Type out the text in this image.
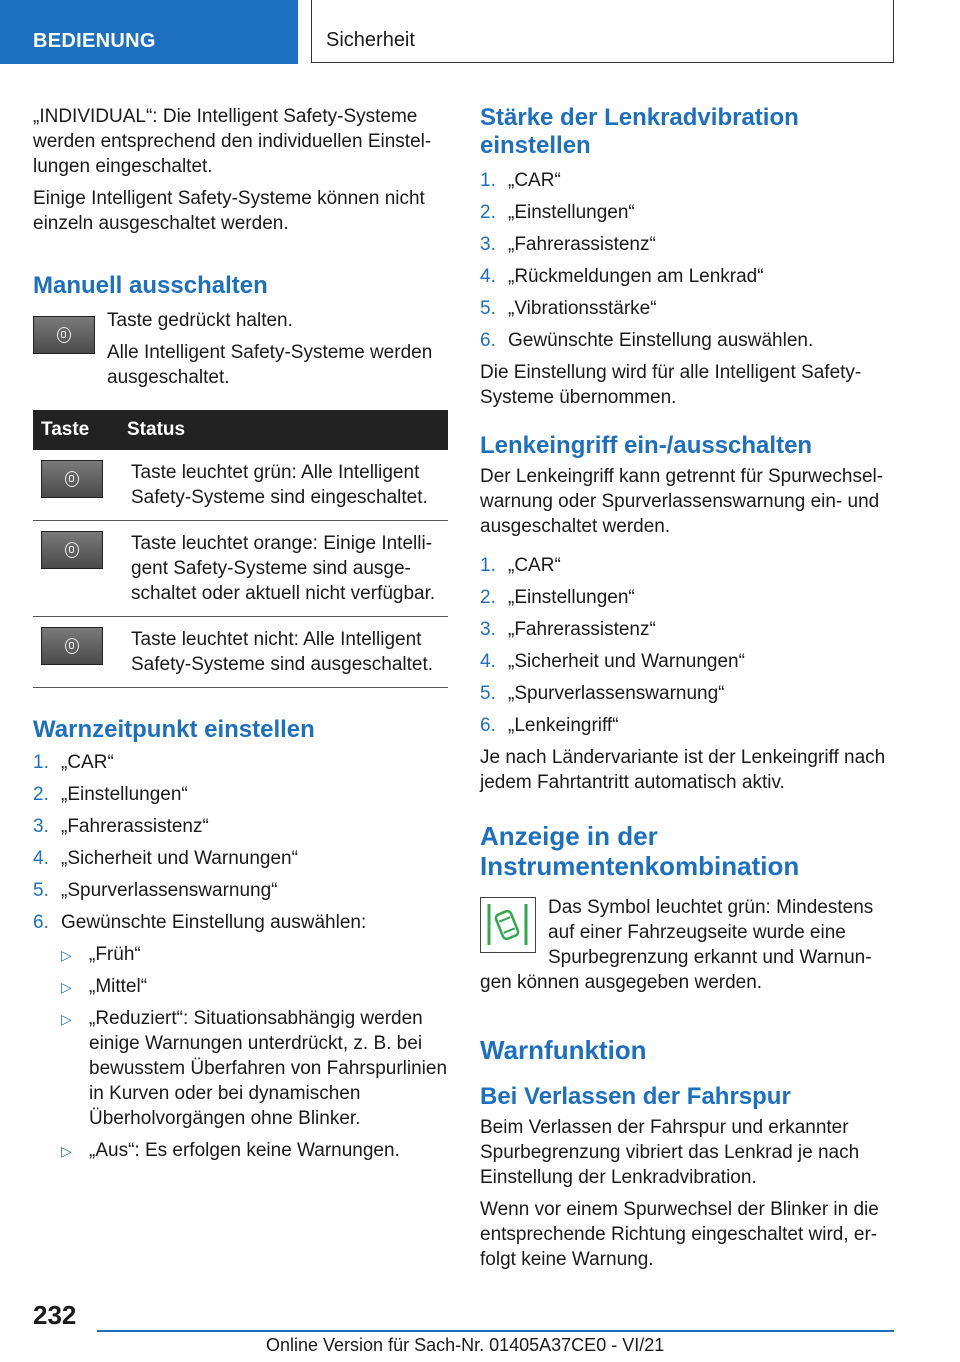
BEDIENUNG	Sicherheit

„INDIVIDUAL“: Die Intelligent Safety-Systeme werden entsprechend den individuellen Einstellungen eingeschaltet.

Einige Intelligent Safety-Systeme können nicht einzeln ausgeschaltet werden.

Manuell ausschalten

Taste gedrückt halten.

Alle Intelligent Safety-Systeme werden ausgeschaltet.

Taste	Status

	Taste leuchtet grün: Alle Intelligent Safety-Systeme sind eingeschaltet.

	Taste leuchtet orange: Einige Intelligent Safety-Systeme sind ausgeschaltet oder aktuell nicht verfügbar.

	Taste leuchtet nicht: Alle Intelligent Safety-Systeme sind ausgeschaltet.
Warnzeitpunkt einstellen
1. „CAR“
2. „Einstellungen“
3. „Fahrerassistenz“
4. „Sicherheit und Warnungen“
5. „Spurverlassenswarnung“
6. Gewünschte Einstellung auswählen:
▷ „Früh“
▷ „Mittel“
▷ „Reduziert“: Situationsabhängig werden einige Warnungen unterdrückt, z. B. bei bewusstem Überfahren von Fahrspurlinien in Kurven oder bei dynamischen Überholvorgängen ohne Blinker.
▷ „Aus“: Es erfolgen keine Warnungen.
Stärke der Lenkradvibration einstellen
1. „CAR“
2. „Einstellungen“
3. „Fahrerassistenz“
4. „Rückmeldungen am Lenkrad“
5. „Vibrationsstärke“
6. Gewünschte Einstellung auswählen.

Die Einstellung wird für alle Intelligent Safety-Systeme übernommen.

Lenkeingriff ein-/ausschalten

Der Lenkeingriff kann getrennt für Spurwechselwarnung oder Spurverlassenswarnung ein- und ausgeschaltet werden.

1. „CAR“
2. „Einstellungen“
3. „Fahrerassistenz“
4. „Sicherheit und Warnungen“
5. „Spurverlassenswarnung“
6. „Lenkeingriff“

Je nach Ländervariante ist der Lenkeingriff nach jedem Fahrtantritt automatisch aktiv.

Anzeige in der Instrumentenkombination

Das Symbol leuchtet grün: Mindestens auf einer Fahrzeugseite wurde eine Spurbegrenzung erkannt und Warnungen können ausgegeben werden.

Warnfunktion
Bei Verlassen der Fahrspur

Beim Verlassen der Fahrspur und erkannter Spurbegrenzung vibriert das Lenkrad je nach Einstellung der Lenkradvibration.

Wenn vor einem Spurwechsel der Blinker in die entsprechende Richtung eingeschaltet wird, erfolgt keine Warnung.

232
Online Version für Sach-Nr. 01405A37CE0 - VI/21
